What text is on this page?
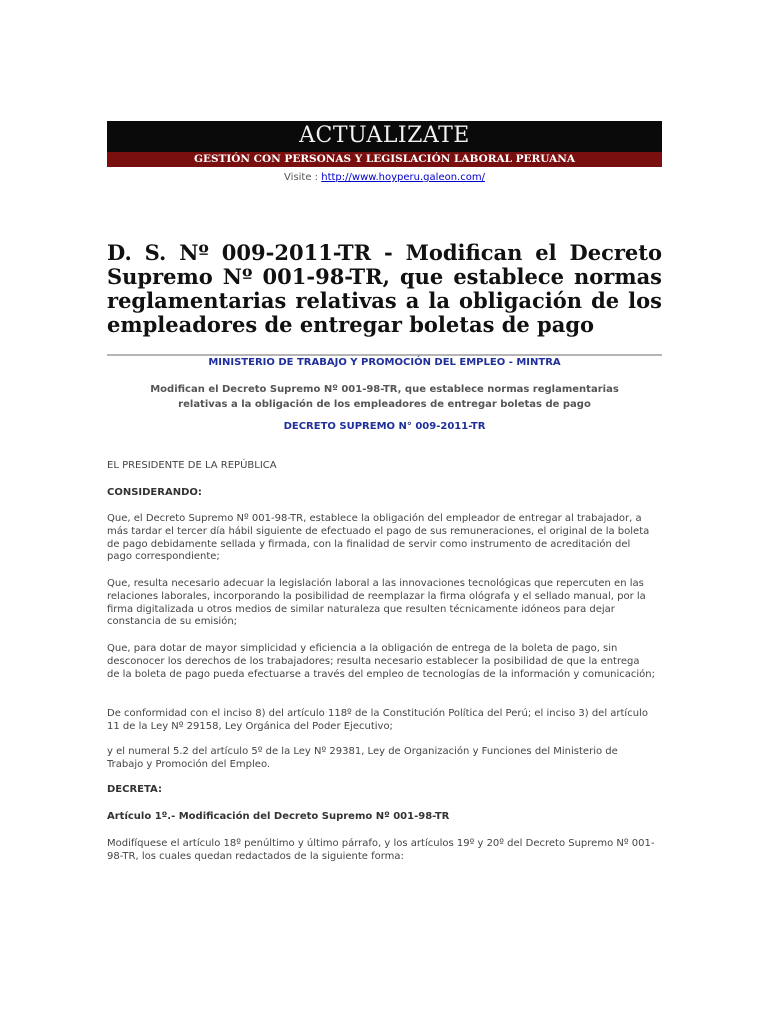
ACTUALIZATE
GESTIÓN CON PERSONAS Y LEGISLACIÓN LABORAL PERUANA
Visite : http://www.hoyperu.galeon.com/
D. S. Nº 009-2011-TR - Modifican el Decreto Supremo Nº 001-98-TR, que establece normas reglamentarias relativas a la obligación de los empleadores de entregar boletas de pago
MINISTERIO DE TRABAJO Y PROMOCIÓN DEL EMPLEO - MINTRA
Modifican el Decreto Supremo Nº 001-98-TR, que establece normas reglamentarias
relativas a la obligación de los empleadores de entregar boletas de pago
DECRETO SUPREMO N° 009-2011-TR

EL PRESIDENTE DE LA REPÚBLICA

CONSIDERANDO:

Que, el Decreto Supremo Nº 001-98-TR, establece la obligación del empleador de entregar al trabajador, a más tardar el tercer día hábil siguiente de efectuado el pago de sus remuneraciones, el original de la boleta de pago debidamente sellada y firmada, con la finalidad de servir como instrumento de acreditación del pago correspondiente;

Que, resulta necesario adecuar la legislación laboral a las innovaciones tecnológicas que repercuten en las relaciones laborales, incorporando la posibilidad de reemplazar la firma ológrafa y el sellado manual, por la firma digitalizada u otros medios de similar naturaleza que resulten técnicamente idóneos para dejar constancia de su emisión;

Que, para dotar de mayor simplicidad y eficiencia a la obligación de entrega de la boleta de pago, sin desconocer los derechos de los trabajadores; resulta necesario establecer la posibilidad de que la entrega de la boleta de pago pueda efectuarse a través del empleo de tecnologías de la información y comunicación;

De conformidad con el inciso 8) del artículo 118º de la Constitución Política del Perú; el inciso 3) del artículo 11 de la Ley Nº 29158, Ley Orgánica del Poder Ejecutivo;

y el numeral 5.2 del artículo 5º de la Ley Nº 29381, Ley de Organización y Funciones del Ministerio de Trabajo y Promoción del Empleo.

DECRETA:

Artículo 1º.- Modificación del Decreto Supremo Nº 001-98-TR

Modifíquese el artículo 18º penúltimo y último párrafo, y los artículos 19º y 20º del Decreto Supremo Nº 001-98-TR, los cuales quedan redactados de la siguiente forma:
